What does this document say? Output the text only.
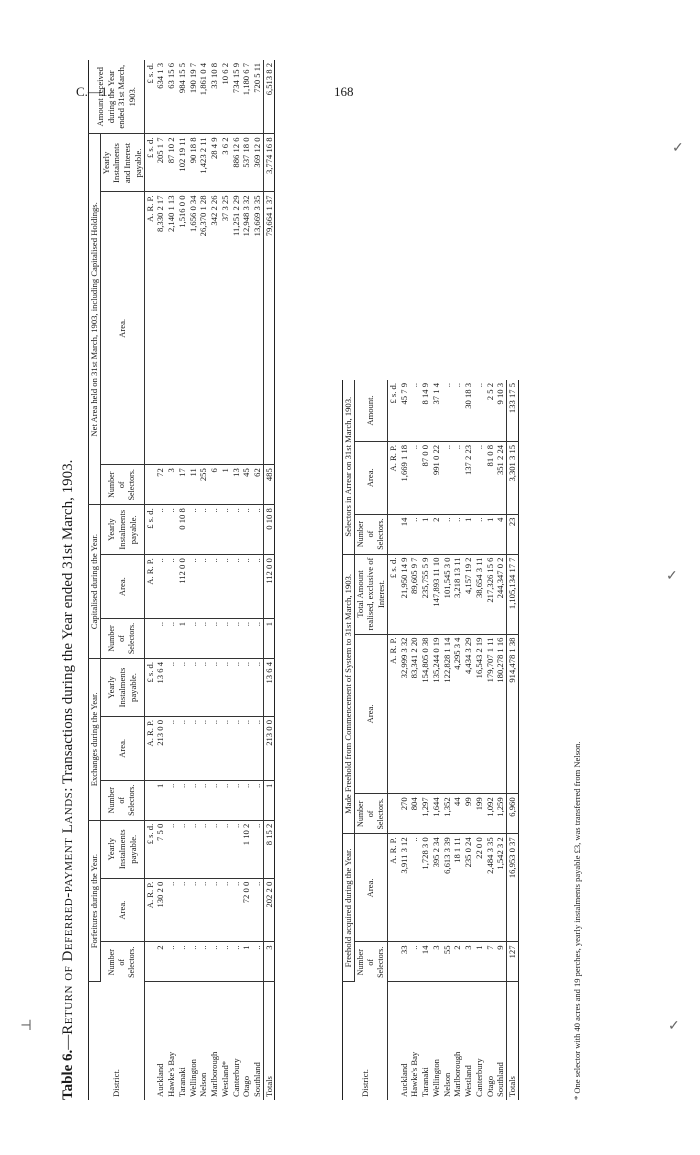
C.—1.	168
✓
✓
✓
⊣
Table 6.—Return of Deferred-payment Lands: Transactions during the Year ended 31st March, 1903.
District.	Forfeitures during the Year.			Exchanges during the Year.			Capitalised during the Year.			Net Area held on 31st March, 1903, including Capitalised Holdings.			Amount received during the Year ended 31st March, 1903.
	Number of Selectors.	Area.	Yearly Instalments payable.	Number of Selectors.	Area.	Yearly Instalments payable.	Number of Selectors.	Area.	Yearly Instalments payable.	Number of Selectors.	Area.	Yearly Instalments and Interest payable.	
		A. R. P.	£ s. d.		A. R. P.	£ s. d.		A. R. P.	£ s. d.		A. R. P.	£ s. d.	£ s. d.
Auckland	2	130 2 0	7 5 0	1	213 0 0	13 6 4	..	..	..	72	8,330 2 17	205 1 7	634 1 3
Hawke's Bay	..	..	..	..	..	..	..	..	..	3	2,140 1 13	87 10 2	63 15 6
Taranaki	..	..	..	..	..	..	1	112 0 0	0 10 8	17	1,516 0 0	102 19 11	984 15 5
Wellington	..	..	..	..	..	..	..	..	..	11	1,656 0 34	90 18 8	190 19 7
Nelson	..	..	..	..	..	..	..	..	..	255	26,370 1 28	1,423 2 11	1,861 0 4
Marlborough	..	..	..	..	..	..	..	..	..	6	342 2 26	28 4 9	33 10 8
Westland*	..	..	..	..	..	..	..	..	..	1	37 3 25	3 6 2	10 6 2
Canterbury	..	..	..	..	..	..	..	..	..	13	11,251 2 29	886 12 6	734 15 9
Otago	1	72 0 0	1 10 2	..	..	..	..	..	..	45	12,948 3 32	537 18 0	1,180 6 7
Southland	..	..	..	..	..	..	..	..	..	62	13,669 3 35	369 12 0	720 5 11
Totals	3	202 2 0	8 15 2	1	213 0 0	13 6 4	1	112 0 0	0 10 8	485	79,664 1 37	3,774 16 8	6,513 8 2
District.	Freehold acquired during the Year.		Made Freehold from Commencement of System to 31st March, 1903.			Selectors in Arrear on 31st March, 1903.		
	Number of Selectors.	Area.	Number of Selectors.	Area.	Total Amount realised, exclusive of Interest.	Number of Selectors.	Area.	Amount.
		A. R. P.		A. R. P.	£ s. d.		A. R. P.	£ s. d.
Auckland	33	3,911 3 12	270	32,999 3 32	21,950 14 9	14	1,669 1 18	45 7 9
Hawke's Bay	..	..	804	83,341 2 20	89,605 9 7	..	..	..
Taranaki	14	1,728 3 0	1,297	154,805 0 38	235,755 5 9	1	87 0 0	8 14 9
Wellington	3	395 2 34	1,644	135,244 0 19	147,893 11 10	2	991 0 22	37 1 4
Nelson	55	6,613 3 39	1,352	122,828 1 14	101,545 3 0	..	..	..
Marlborough	2	18 1 11	44	4,295 3 4	3,218 13 11	..	..	..
Westland	3	235 0 24	99	4,434 3 29	4,157 19 2	1	137 2 23	30 18 3
Canterbury	1	22 0 0	199	16,543 2 19	38,654 3 11	..	..	..
Otago	7	2,484 3 35	1,092	179,707 1 11	217,326 15 6	1	81 0 8	2 5 2
Southland	9	1,542 3 2	1,259	180,278 1 16	244,347 0 2	4	351 2 24	9 10 3
Totals	127	16,953 0 37	6,960	914,478 1 38	1,105,134 17 7	23	3,301 3 15	133 17 5
* One selector with 40 acres and 19 perches, yearly instalments payable £3, was transferred from Nelson.
